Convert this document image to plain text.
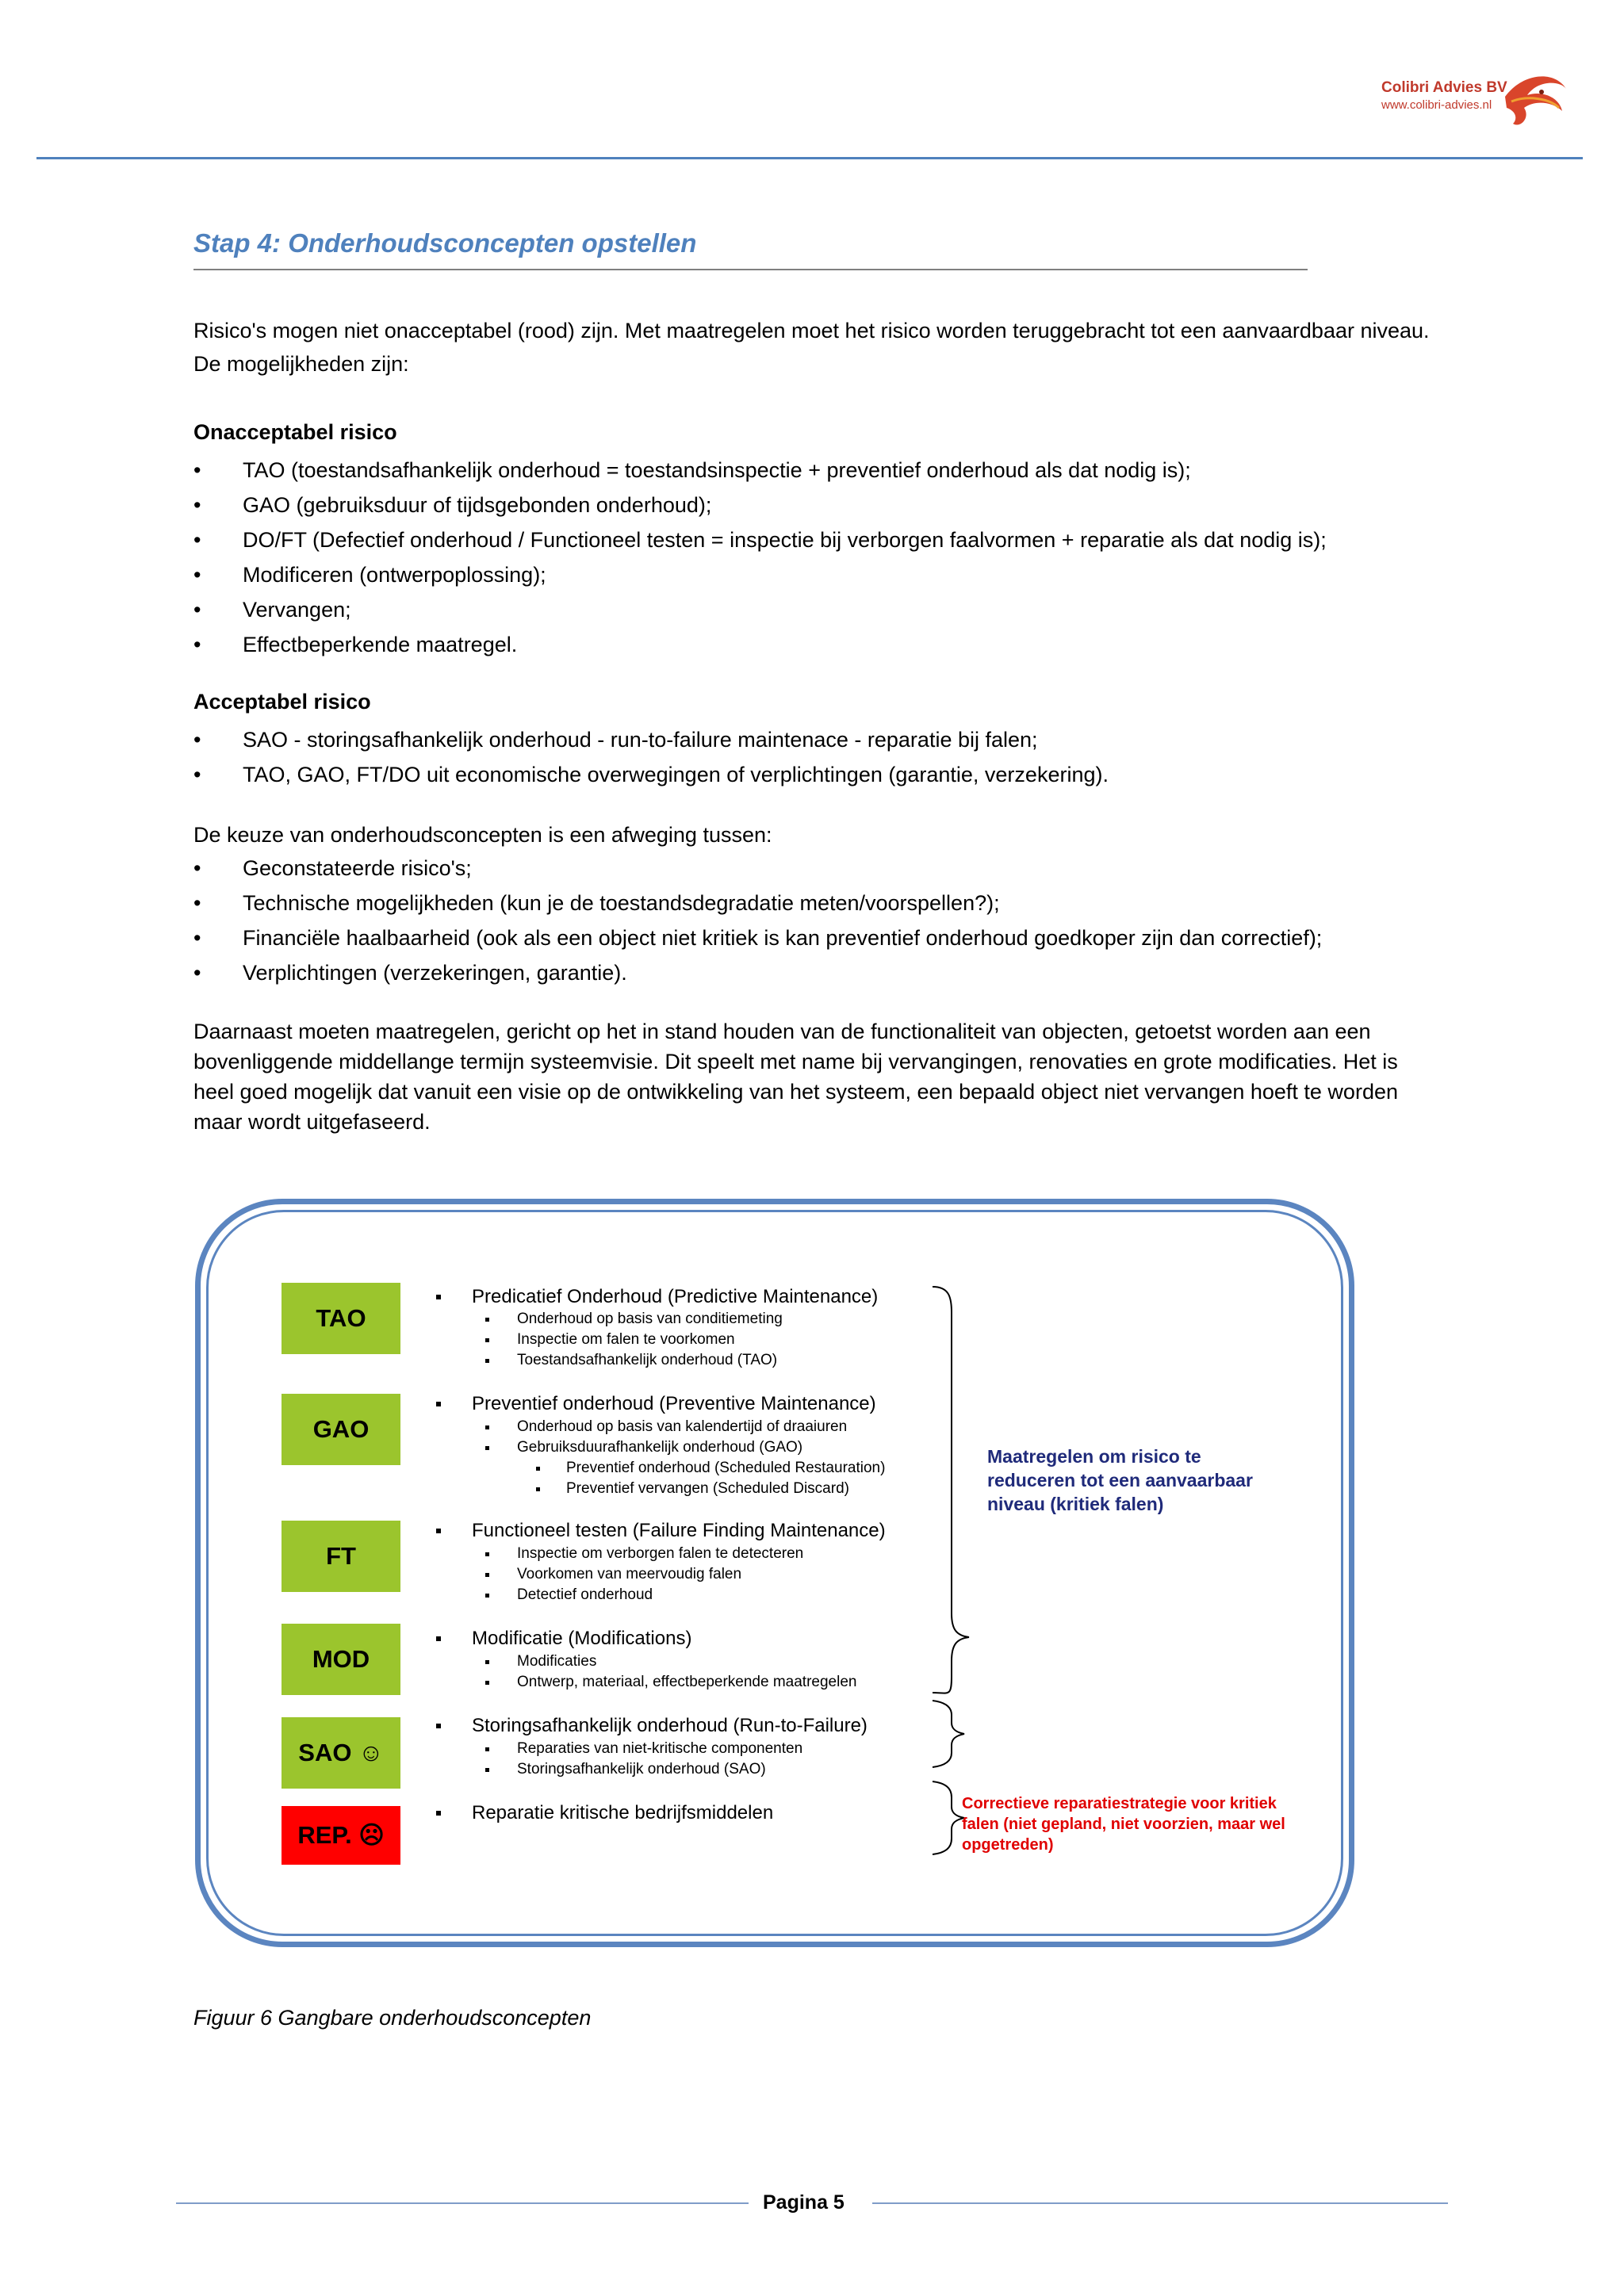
Colibri Advies BV
www.colibri-advies.nl
Stap 4: Onderhoudsconcepten opstellen

Risico's mogen niet onacceptabel (rood) zijn. Met maatregelen moet het risico worden teruggebracht tot een aanvaardbaar niveau. De mogelijkheden zijn:

Onacceptabel risico
• TAO (toestandsafhankelijk onderhoud = toestandsinspectie + preventief onderhoud als dat nodig is);
• GAO (gebruiksduur of tijdsgebonden onderhoud);
• DO/FT (Defectief onderhoud / Functioneel testen = inspectie bij verborgen faalvormen + reparatie als dat nodig is);
• Modificeren (ontwerpoplossing);
• Vervangen;
• Effectbeperkende maatregel.
Acceptabel risico
• SAO - storingsafhankelijk onderhoud - run-to-failure maintenace - reparatie bij falen;
• TAO, GAO, FT/DO uit economische overwegingen of verplichtingen (garantie, verzekering).
De keuze van onderhoudsconcepten is een afweging tussen:
• Geconstateerde risico's;
• Technische mogelijkheden (kun je de toestandsdegradatie meten/voorspellen?);
• Financiële haalbaarheid (ook als een object niet kritiek is kan preventief onderhoud goedkoper zijn dan correctief);
• Verplichtingen (verzekeringen, garantie).

Daarnaast moeten maatregelen, gericht op het in stand houden van de functionaliteit van objecten, getoetst worden aan een bovenliggende middellange termijn systeemvisie. Dit speelt met name bij vervangingen, renovaties en grote modificaties. Het is heel goed mogelijk dat vanuit een visie op de ontwikkeling van het systeem, een bepaald object niet vervangen hoeft te worden maar wordt uitgefaseerd.

TAO
GAO
FT
MOD
SAO ☺
REP. ☹
Predicatief Onderhoud (Predictive Maintenance)
Onderhoud op basis van conditiemeting
Inspectie om falen te voorkomen
Toestandsafhankelijk onderhoud (TAO)
Preventief onderhoud (Preventive Maintenance)
Onderhoud op basis van kalendertijd of draaiuren
Gebruiksduurafhankelijk onderhoud (GAO)
Preventief onderhoud (Scheduled Restauration)
Preventief vervangen (Scheduled Discard)
Functioneel testen (Failure Finding Maintenance)
Inspectie om verborgen falen te detecteren
Voorkomen van meervoudig falen
Detectief onderhoud
Modificatie (Modifications)
Modificaties
Ontwerp, materiaal, effectbeperkende maatregelen
Storingsafhankelijk onderhoud (Run-to-Failure)
Reparaties van niet-kritische componenten
Storingsafhankelijk onderhoud (SAO)
Reparatie kritische bedrijfsmiddelen

Maatregelen om risico te reduceren tot een aanvaarbaar niveau (kritiek falen)

Correctieve reparatiestrategie voor kritiek falen (niet gepland, niet voorzien, maar wel opgetreden)

Figuur 6 Gangbare onderhoudsconcepten
Pagina 5
